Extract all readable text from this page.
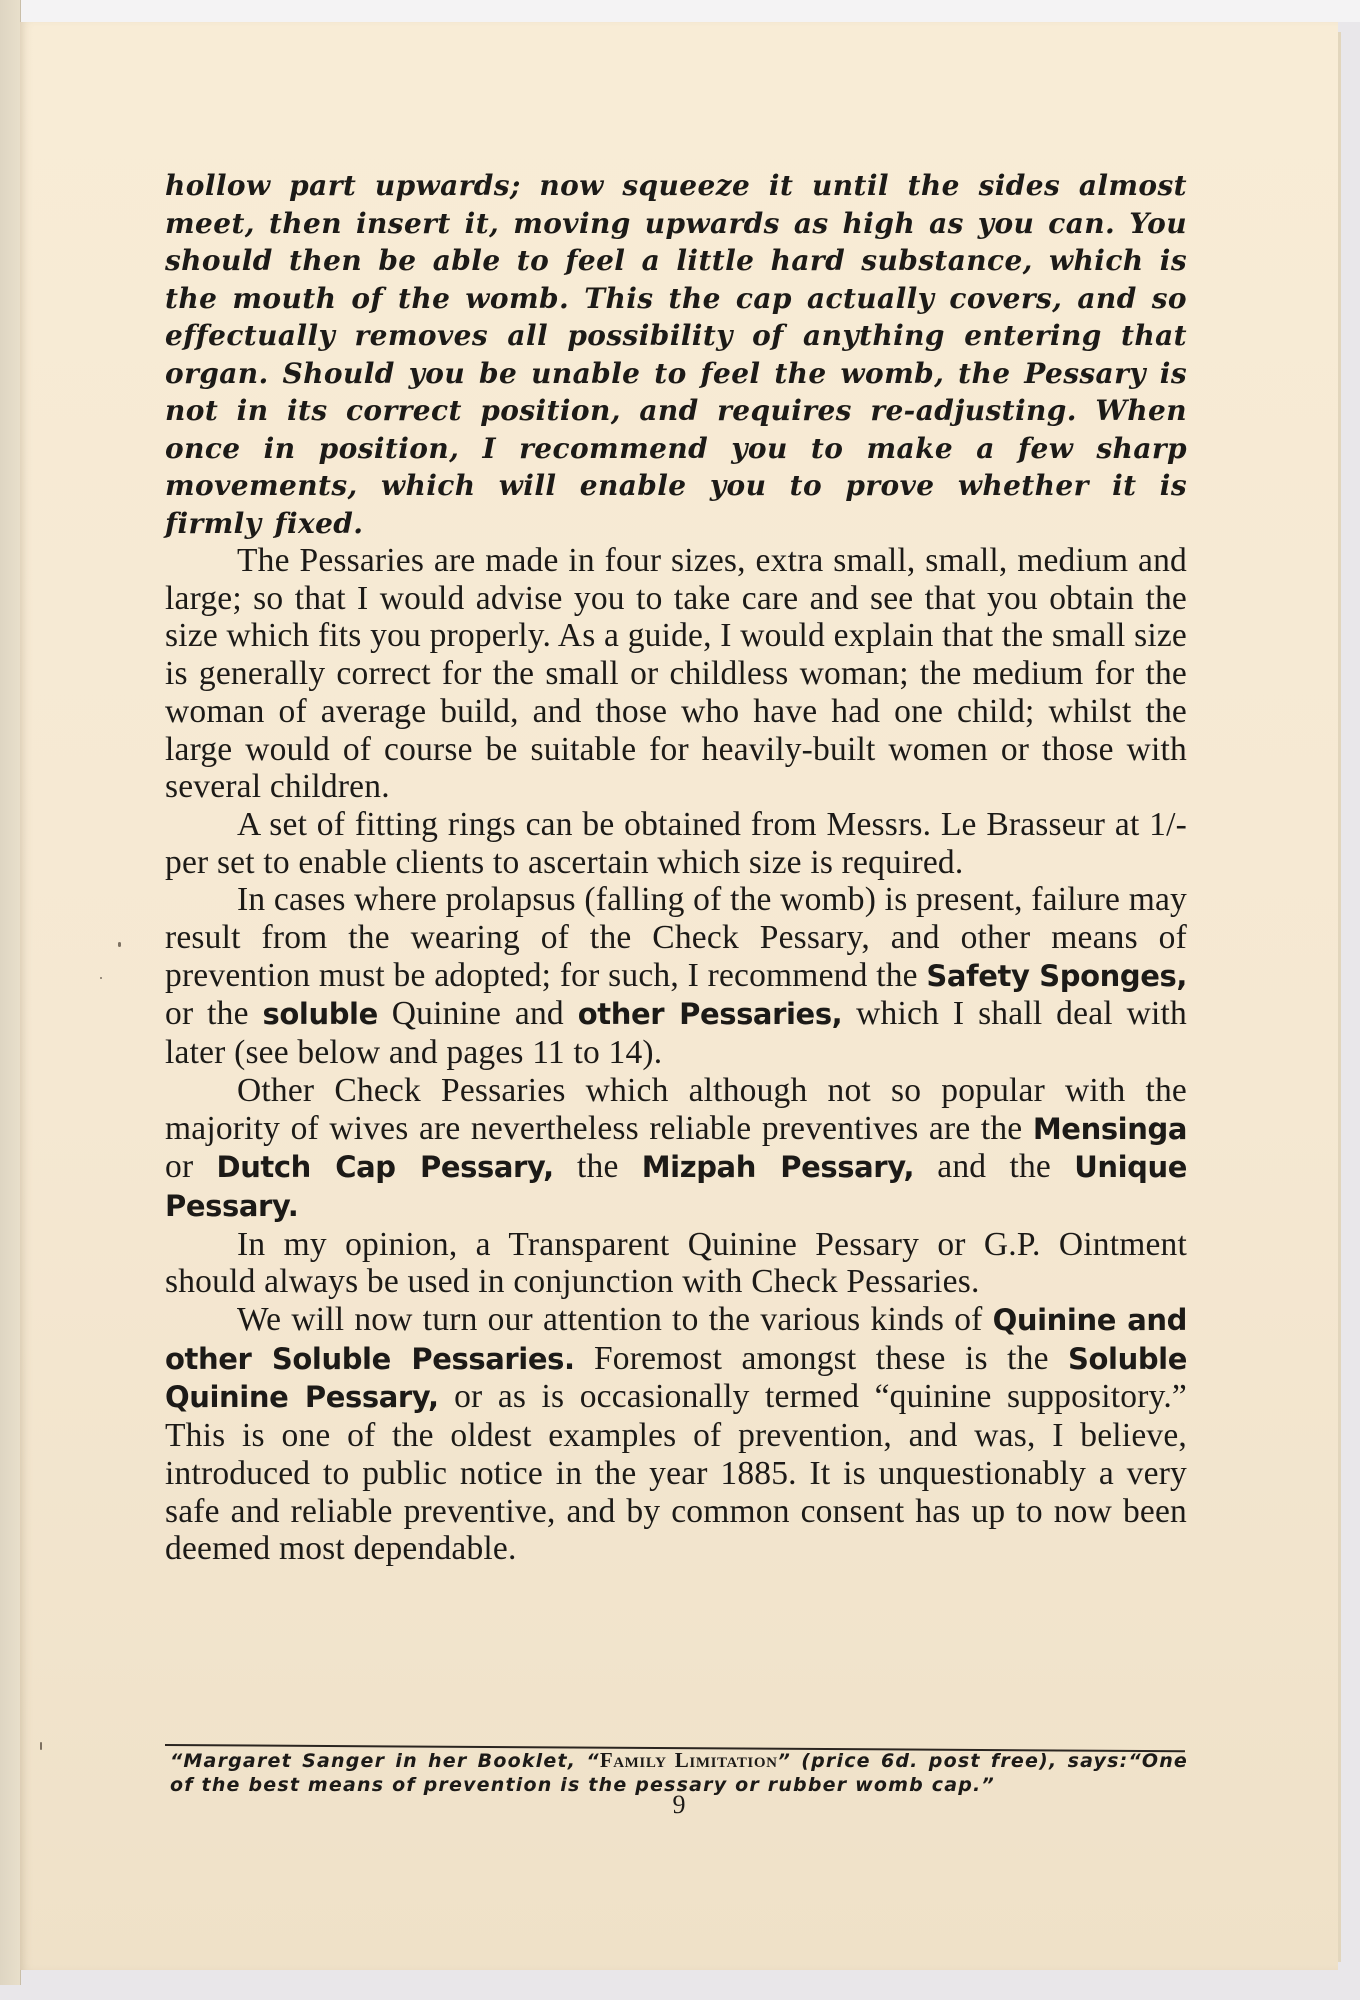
hollow part upwards; now squeeze it until the sides almost meet, then insert it, moving upwards as high as you can. You should then be able to feel a little hard substance, which is the mouth of the womb. This the cap actually covers, and so effectually removes all possibility of anything entering that organ. Should you be unable to feel the womb, the Pessary is not in its correct position, and requires re-adjusting. When once in position, I recommend you to make a few sharp movements, which will enable you to prove whether it is firmly fixed.

The Pessaries are made in four sizes, extra small, small, medium and large; so that I would advise you to take care and see that you obtain the size which fits you properly. As a guide, I would explain that the small size is generally correct for the small or childless woman; the medium for the woman of average build, and those who have had one child; whilst the large would of course be suitable for heavily-built women or those with several children.

A set of fitting rings can be obtained from Messrs. Le Brasseur at 1/- per set to enable clients to ascertain which size is required.

In cases where prolapsus (falling of the womb) is present, failure may result from the wearing of the Check Pessary, and other means of prevention must be adopted; for such, I recommend the Safety Sponges, or the soluble Quinine and other Pessaries, which I shall deal with later (see below and pages 11 to 14).

Other Check Pessaries which although not so popular with the majority of wives are nevertheless reliable preventives are the Mensinga or Dutch Cap Pessary, the Mizpah Pessary, and the Unique Pessary.

In my opinion, a Transparent Quinine Pessary or G.P. Ointment should always be used in conjunction with Check Pessaries.

We will now turn our attention to the various kinds of Quinine and other Soluble Pessaries. Foremost amongst these is the Soluble Quinine Pessary, or as is occasionally termed “quinine suppository.” This is one of the oldest examples of prevention, and was, I believe, introduced to public notice in the year 1885. It is unquestionably a very safe and reliable preventive, and by common consent has up to now been deemed most dependable.

“Margaret Sanger in her Booklet, “Family Limitation” (price 6d. post free), says:“One of the best means of prevention is the pessary or rubber womb cap.”
9
